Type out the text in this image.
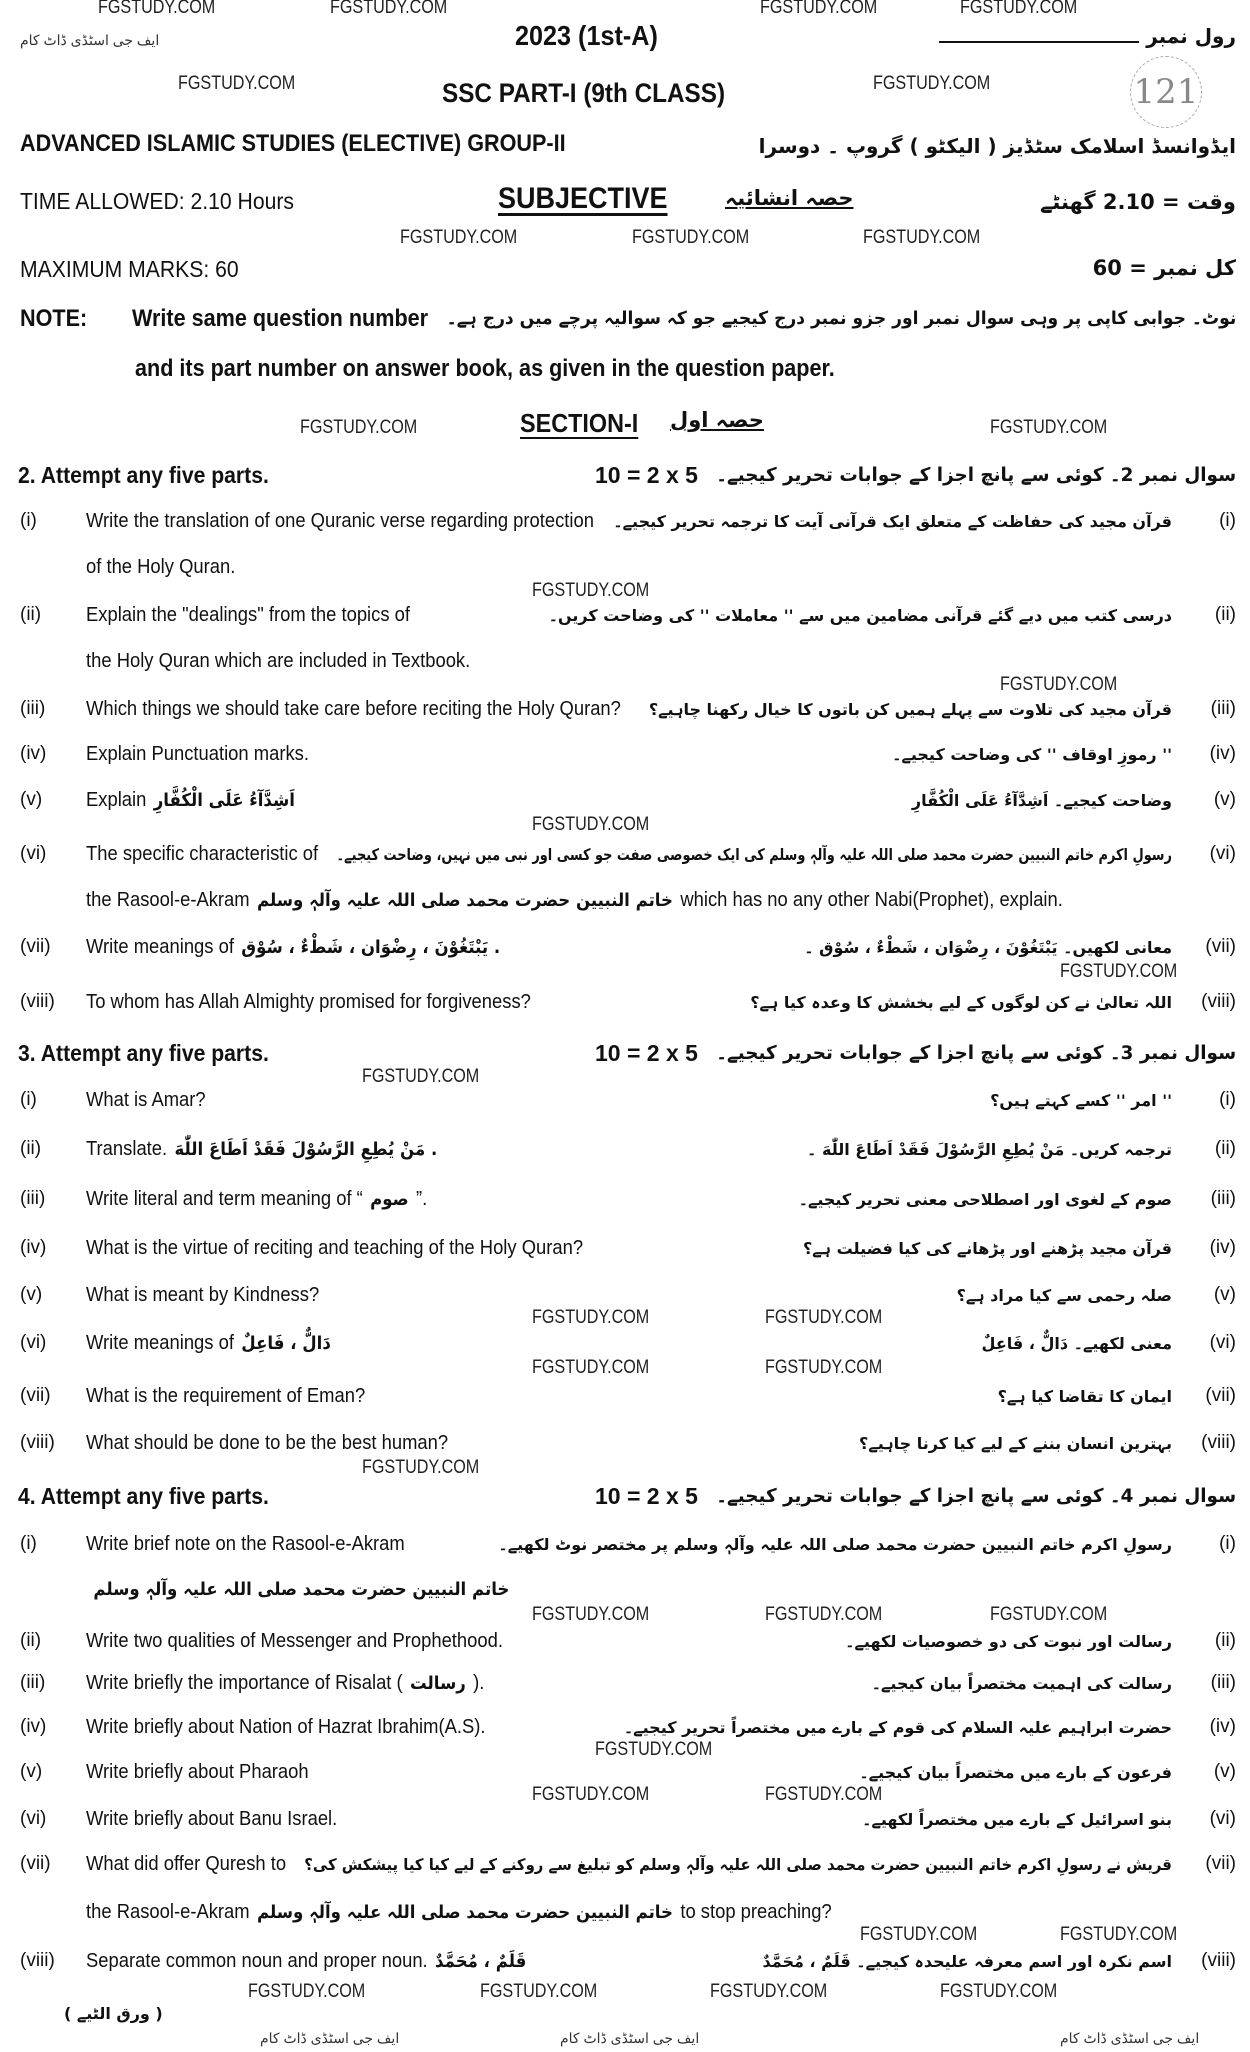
121
2023 (1st-A)	رول نمبر
SSC PART-I (9th CLASS)
ADVANCED ISLAMIC STUDIES (ELECTIVE) GROUP-II	ایڈوانسڈ اسلامک سٹڈیز ( الیکٹو ) گروپ ۔ دوسرا
TIME ALLOWED: 2.10 Hours	SUBJECTIVE	حصہ انشائیہ	وقت = 2.10 گھنٹے
MAXIMUM MARKS: 60	کل نمبر = 60
NOTE: Write same question number نوٹ۔ جوابی کاپی پر وہی سوال نمبر اور جزو نمبر درج کیجیے جو کہ سوالیہ پرچے میں درج ہے۔
and its part number on answer book, as given in the question paper.
SECTION-I حصہ اول
FGSTUDY.COM	FGSTUDY.COM	FGSTUDY.COM	FGSTUDY.COM
ایف جی اسٹڈی ڈاٹ کام
FGSTUDY.COM	FGSTUDY.COM
FGSTUDY.COM	FGSTUDY.COM	FGSTUDY.COM
FGSTUDY.COM	FGSTUDY.COM
FGSTUDY.COM
FGSTUDY.COM
FGSTUDY.COM
FGSTUDY.COM
FGSTUDY.COM
FGSTUDY.COM	FGSTUDY.COM
FGSTUDY.COM	FGSTUDY.COM
FGSTUDY.COM
FGSTUDY.COM	FGSTUDY.COM	FGSTUDY.COM
FGSTUDY.COM
FGSTUDY.COM	FGSTUDY.COM
FGSTUDY.COM	FGSTUDY.COM
FGSTUDY.COM	FGSTUDY.COM	FGSTUDY.COM	FGSTUDY.COM
ایف جی اسٹڈی ڈاٹ کام	ایف جی اسٹڈی ڈاٹ کام	ایف جی اسٹڈی ڈاٹ کام
2. Attempt any five parts.	10 = 2 x 5 سوال نمبر 2۔ کوئی سے پانچ اجزا کے جوابات تحریر کیجیے۔
(i) Write the translation of one Quranic verse regarding protection
of the Holy Quran.
قرآن مجید کی حفاظت کے متعلق ایک قرآنی آیت کا ترجمہ تحریر کیجیے۔ (i)
(ii) Explain the "dealings" from the topics of
the Holy Quran which are included in Textbook.
درسی کتب میں دیے گئے قرآنی مضامین میں سے '' معاملات '' کی وضاحت کریں۔ (ii)
(iii) Which things we should take care before reciting the Holy Quran? قرآن مجید کی تلاوت سے پہلے ہمیں کن باتوں کا خیال رکھنا چاہیے؟ (iii)
(iv) Explain Punctuation marks.	'' رموزِ اوقاف '' کی وضاحت کیجیے۔ (iv)
(v) Explain اَشِدَّآءُ عَلَى الْكُفَّارِ	وضاحت کیجیے۔ اَشِدَّآءُ عَلَى الْكُفَّارِ (v)
(vi) The specific characteristic of
the Rasool-e-Akram خاتم النبیین حضرت محمد صلی اللہ علیہ وآلہٖ وسلم which has no any other Nabi(Prophet), explain.
رسولِ اکرم خاتم النبیین حضرت محمد صلی اللہ علیہ وآلہٖ وسلم کی ایک خصوصی صفت جو کسی اور نبی میں نہیں، وضاحت کیجیے۔ (vi)
(vii) Write meanings of يَبْتَغُوْنَ ، رِضْوَان ، شَطْءٌ ، سُوْق .	معانی لکھیں۔ يَبْتَغُوْنَ ، رِضْوَان ، شَطْءٌ ، سُوْق ۔ (vii)
(viii) To whom has Allah Almighty promised for forgiveness?	اللہ تعالیٰ نے کن لوگوں کے لیے بخشش کا وعدہ کیا ہے؟ (viii)
3. Attempt any five parts.	10 = 2 x 5 سوال نمبر 3۔ کوئی سے پانچ اجزا کے جوابات تحریر کیجیے۔
(i) What is Amar?	'' امر '' کسے کہتے ہیں؟ (i)
(ii) Translate. مَنْ يُطِعِ الرَّسُوْلَ فَقَدْ اَطَاعَ اللّٰهَ .	ترجمہ کریں۔ مَنْ يُطِعِ الرَّسُوْلَ فَقَدْ اَطَاعَ اللّٰهَ ۔ (ii)
(iii) Write literal and term meaning of “ صوم ”.	صوم کے لغوی اور اصطلاحی معنی تحریر کیجیے۔ (iii)
(iv) What is the virtue of reciting and teaching of the Holy Quran?	قرآن مجید پڑھنے اور پڑھانے کی کیا فضیلت ہے؟ (iv)
(v) What is meant by Kindness?	صلہ رحمی سے کیا مراد ہے؟ (v)
(vi) Write meanings of دَالٌّ ، فَاعِلٌ	معنی لکھیے۔ دَالٌّ ، فَاعِلٌ (vi)
(vii) What is the requirement of Eman?	ایمان کا تقاضا کیا ہے؟ (vii)
(viii) What should be done to be the best human?	بہترین انسان بننے کے لیے کیا کرنا چاہیے؟ (viii)
4. Attempt any five parts.	10 = 2 x 5 سوال نمبر 4۔ کوئی سے پانچ اجزا کے جوابات تحریر کیجیے۔
(i) Write brief note on the Rasool-e-Akram
خاتم النبیین حضرت محمد صلی اللہ علیہ وآلہٖ وسلم
رسولِ اکرم خاتم النبیین حضرت محمد صلی اللہ علیہ وآلہٖ وسلم پر مختصر نوٹ لکھیے۔ (i)
(ii) Write two qualities of Messenger and Prophethood.	رسالت اور نبوت کی دو خصوصیات لکھیے۔ (ii)
(iii) Write briefly the importance of Risalat ( رسالت ).	رسالت کی اہمیت مختصراً بیان کیجیے۔ (iii)
(iv) Write briefly about Nation of Hazrat Ibrahim(A.S).	حضرت ابراہیم علیہ السلام کی قوم کے بارے میں مختصراً تحریر کیجیے۔ (iv)
(v) Write briefly about Pharaoh	فرعون کے بارے میں مختصراً بیان کیجیے۔ (v)
(vi) Write briefly about Banu Israel.	بنو اسرائیل کے بارے میں مختصراً لکھیے۔ (vi)
(vii) What did offer Quresh to
the Rasool-e-Akram خاتم النبیین حضرت محمد صلی اللہ علیہ وآلہٖ وسلم to stop preaching?
قریش نے رسولِ اکرم خاتم النبیین حضرت محمد صلی اللہ علیہ وآلہٖ وسلم کو تبلیغ سے روکنے کے لیے کیا کیا پیشکش کی؟ (vii)
(viii) Separate common noun and proper noun. قَلَمٌ ، مُحَمَّدٌ	اسم نکرہ اور اسم معرفہ علیحدہ کیجیے۔ قَلَمٌ ، مُحَمَّدٌ (viii)
( ورق الٹیے )
